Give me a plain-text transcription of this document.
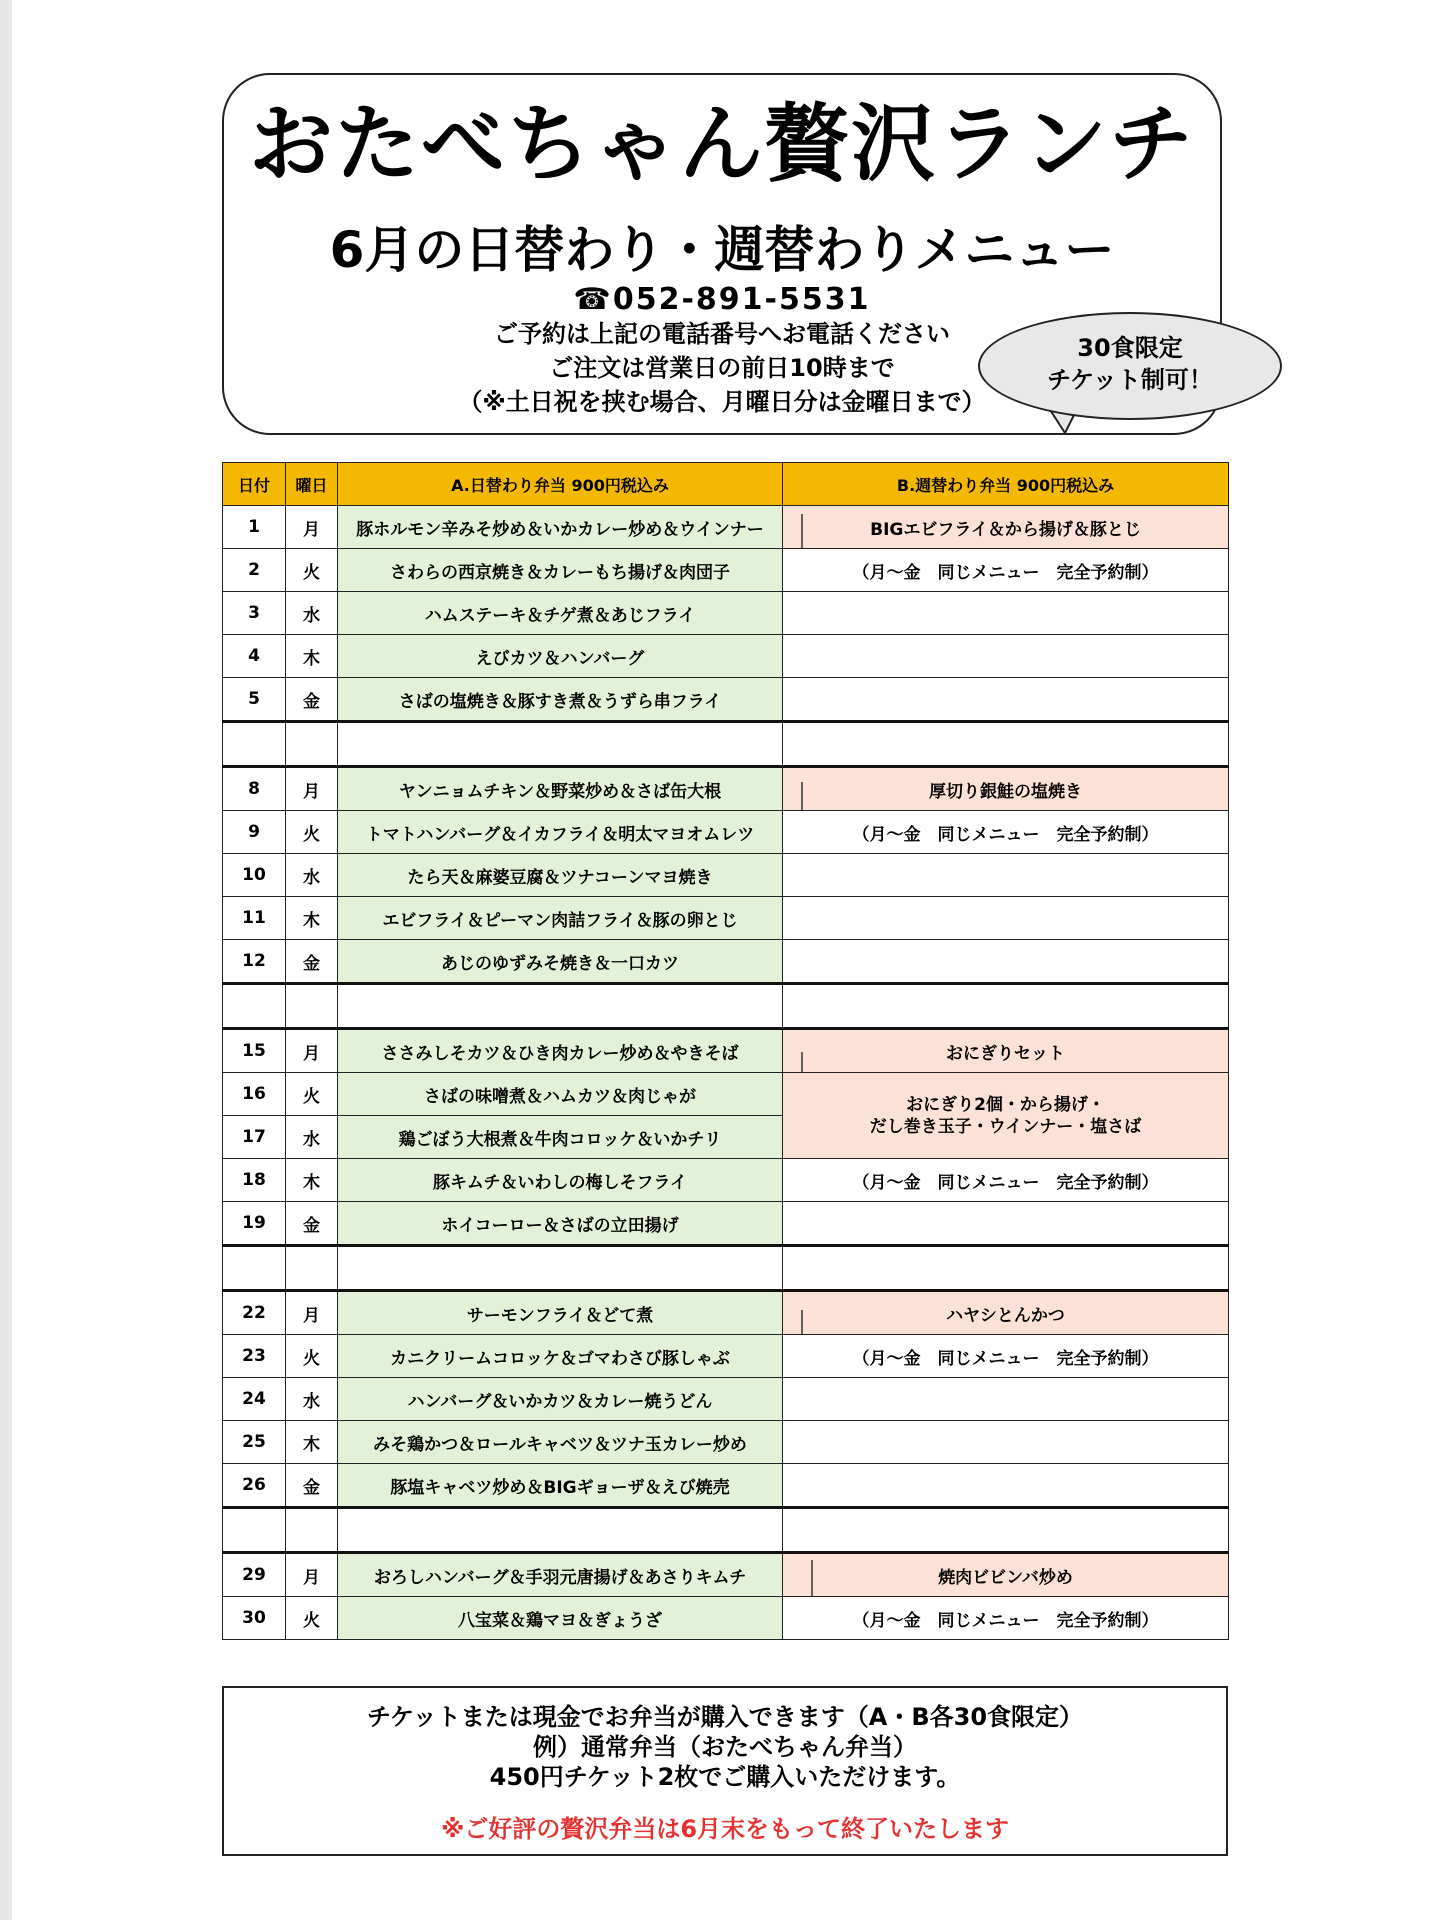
おたべちゃん贅沢ランチ
6月の日替わり・週替わりメニュー
☎052-891-5531
ご予約は上記の電話番号へお電話ください
ご注文は営業日の前日10時まで
（※土日祝を挟む場合、月曜日分は金曜日まで）
30食限定
チケット制可！
日付	曜日	A.日替わり弁当 900円税込み	B.週替わり弁当 900円税込み
1	月	豚ホルモン辛みそ炒め＆いかカレー炒め＆ウインナー	BIGエビフライ＆から揚げ＆豚とじ

2	火	さわらの西京焼き＆カレーもち揚げ＆肉団子	（月～金　同じメニュー　完全予約制）
3	水	ハムステーキ＆チゲ煮＆あじフライ	
4	木	えびカツ＆ハンバーグ	
5	金	さばの塩焼き＆豚すき煮＆うずら串フライ	

8	月	ヤンニョムチキン＆野菜炒め＆さば缶大根	厚切り銀鮭の塩焼き

9	火	トマトハンバーグ＆イカフライ＆明太マヨオムレツ	（月～金　同じメニュー　完全予約制）
10	水	たら天＆麻婆豆腐＆ツナコーンマヨ焼き	
11	木	エビフライ＆ピーマン肉詰フライ＆豚の卵とじ	
12	金	あじのゆずみそ焼き＆一口カツ	

15	月	ささみしそカツ＆ひき肉カレー炒め＆やきそば	おにぎりセット

16	火	さばの味噌煮＆ハムカツ＆肉じゃが	おにぎり2個・から揚げ・
だし巻き玉子・ウインナー・塩さば
17	水	鶏ごぼう大根煮＆牛肉コロッケ＆いかチリ	
18	木	豚キムチ＆いわしの梅しそフライ	（月～金　同じメニュー　完全予約制）
19	金	ホイコーロー＆さばの立田揚げ	

22	月	サーモンフライ＆どて煮	ハヤシとんかつ

23	火	カニクリームコロッケ＆ゴマわさび豚しゃぶ	（月～金　同じメニュー　完全予約制）
24	水	ハンバーグ＆いかカツ＆カレー焼うどん	
25	木	みそ鶏かつ＆ロールキャベツ＆ツナ玉カレー炒め	
26	金	豚塩キャベツ炒め＆BIGギョーザ＆えび焼売	

29	月	おろしハンバーグ＆手羽元唐揚げ＆あさりキムチ	焼肉ビビンバ炒め

30	火	八宝菜＆鶏マヨ＆ぎょうざ	（月～金　同じメニュー　完全予約制）
チケットまたは現金でお弁当が購入できます（A・B各30食限定）
例）通常弁当（おたべちゃん弁当）
450円チケット2枚でご購入いただけます。
※ご好評の贅沢弁当は6月末をもって終了いたします
